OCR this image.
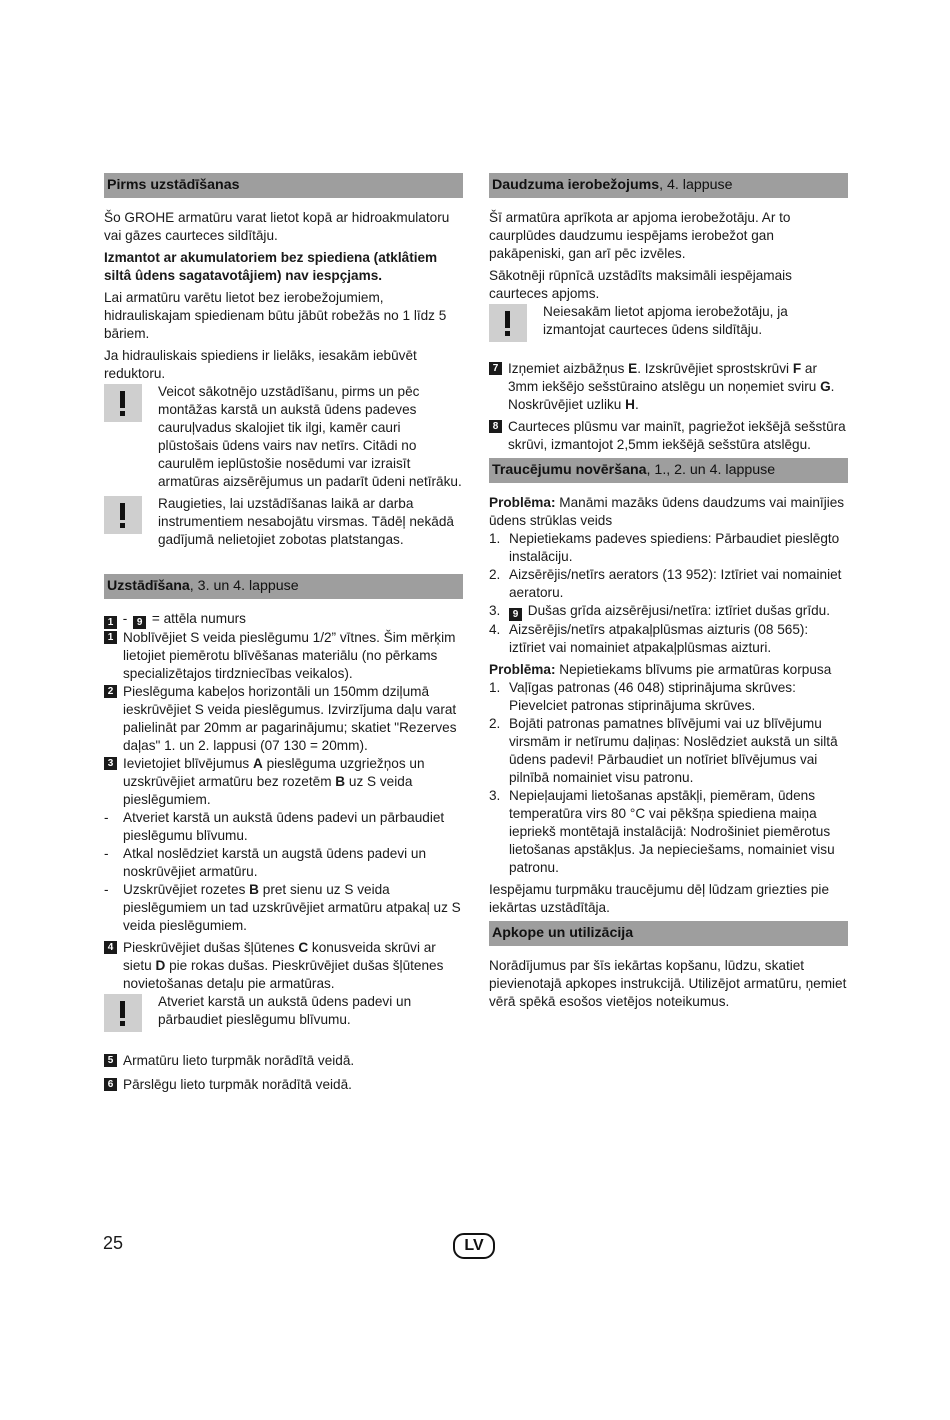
Pirms uzstādīšanas

Šo GROHE armatūru varat lietot kopā ar hidroakmulatoru vai gāzes caurteces sildītāju.

Izmantot ar akumulatoriem bez spiediena (atklâtiem siltâ ûdens sagatavotâjiem) nav iespçjams.

Lai armatūru varētu lietot bez ierobežojumiem, hidrauliskajam spiedienam būtu jābūt robežās no 1 līdz 5 bāriem.

Ja hidrauliskais spiediens ir lielāks, iesakām iebūvēt reduktoru.

Veicot sākotnējo uzstādīšanu, pirms un pēc montāžas karstā un aukstā ūdens padeves cauruļvadus skalojiet tik ilgi, kamēr cauri plūstošais ūdens vairs nav netīrs. Citādi no caurulēm ieplūstošie nosēdumi var izraisīt armatūras aizsērējumus un padarīt ūdeni netīrāku.
Raugieties, lai uzstādīšanas laikā ar darba instrumentiem nesabojātu virsmas. Tādēļ nekādā gadījumā nelietojiet zobotas platstangas.
Uzstādīšana, 3. un 4. lappuse
1 - 9 = attēla numurs
1 Noblīvējiet S veida pieslēgumu 1/2” vītnes. Šim mērķim lietojiet piemērotu blīvēšanas materiālu (no pērkams specializētajos tirdzniecības veikalos).
2 Pieslēguma kabeļos horizontāli un 150mm dziļumā ieskrūvējiet S veida pieslēgumus. Izvirzījuma daļu varat palielināt par 20mm ar pagarinājumu; skatiet "Rezerves daļas" 1. un 2. lappusi (07 130 = 20mm).
3 Ievietojiet blīvējumus A pieslēguma uzgriežņos un uzskrūvējiet armatūru bez rozetēm B uz S veida pieslēgumiem.
-	Atveriet karstā un aukstā ūdens padevi un pārbaudiet pieslēgumu blīvumu.
-	Atkal noslēdziet karstā un augstā ūdens padevi un noskrūvējiet armatūru.
-	Uzskrūvējiet rozetes B pret sienu uz S veida pieslēgumiem un tad uzskrūvējiet armatūru atpakaļ uz S veida pieslēgumiem.
4 Pieskrūvējiet dušas šļūtenes C konusveida skrūvi ar sietu D pie rokas dušas. Pieskrūvējiet dušas šļūtenes novietošanas detaļu pie armatūras.
Atveriet karstā un aukstā ūdens padevi un pārbaudiet pieslēgumu blīvumu.
5 Armatūru lieto turpmāk norādītā veidā.
6 Pārslēgu lieto turpmāk norādītā veidā.
Daudzuma ierobežojums, 4. lappuse

Šī armatūra aprīkota ar apjoma ierobežotāju. Ar to caurplūdes daudzumu iespējams ierobežot gan pakāpeniski, gan arī pēc izvēles.

Sākotnēji rūpnīcā uzstādīts maksimāli iespējamais caurteces apjoms.

Neiesakām lietot apjoma ierobežotāju, ja izmantojat caurteces ūdens sildītāju.
7 Izņemiet aizbāžņus E. Izskrūvējiet sprostskrūvi F ar 3mm iekšējo sešstūraino atslēgu un noņemiet sviru G. Noskrūvējiet uzliku H.
8 Caurteces plūsmu var mainīt, pagriežot iekšējā sešstūra skrūvi, izmantojot 2,5mm iekšējā sešstūra atslēgu.
Traucējumu novēršana, 1., 2. un 4. lappuse

Problēma: Manāmi mazāks ūdens daudzums vai mainījies ūdens strūklas veids

1. Nepietiekams padeves spiediens: Pārbaudiet pieslēgto instalāciju.
2. Aizsērējis/netīrs aerators (13 952): Iztīriet vai nomainiet aeratoru.
3.	9 Dušas grīda aizsērējusi/netīra: iztīriet dušas grīdu.
4. Aizsērējis/netīrs atpakaļplūsmas aizturis (08 565): iztīriet vai nomainiet atpakaļplūsmas aizturi.

Problēma: Nepietiekams blīvums pie armatūras korpusa

1. Vaļīgas patronas (46 048) stiprinājuma skrūves: Pievelciet patronas stiprinājuma skrūves.
2. Bojāti patronas pamatnes blīvējumi vai uz blīvējumu virsmām ir netīrumu daļiņas: Noslēdziet aukstā un siltā ūdens padevi! Pārbaudiet un notīriet blīvējumus vai pilnībā nomainiet visu patronu.
3. Nepieļaujami lietošanas apstākļi, piemēram, ūdens temperatūra virs 80 °C vai pēkšņa spiediena maiņa iepriekš montētajā instalācijā: Nodrošiniet piemērotus lietošanas apstākļus. Ja nepieciešams, nomainiet visu patronu.

Iespējamu turpmāku traucējumu dēļ lūdzam griezties pie iekārtas uzstādītāja.

Apkope un utilizācija

Norādījumus par šīs iekārtas kopšanu, lūdzu, skatiet pievienotajā apkopes instrukcijā. Utilizējot armatūru, ņemiet vērā spēkā esošos vietējos noteikumus.

25	LV
